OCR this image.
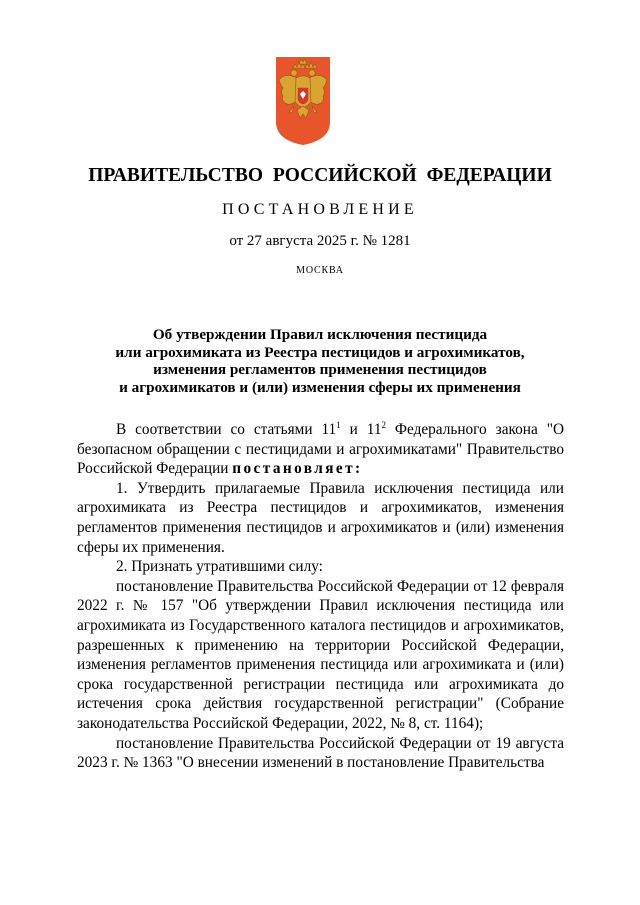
ПРАВИТЕЛЬСТВО РОССИЙСКОЙ ФЕДЕРАЦИИ
ПОСТАНОВЛЕНИЕ
от 27 августа 2025 г. № 1281
МОСКВА
Об утверждении Правил исключения пестицида
или агрохимиката из Реестра пестицидов и агрохимикатов,
изменения регламентов применения пестицидов
и агрохимикатов и (или) изменения сферы их применения

В соответствии со статьями $11^1$ и $11^2$ Федерального закона "О безопасном обращении с пестицидами и агрохимикатами" Правительство Российской Федерации постановляет:

1. Утвердить прилагаемые Правила исключения пестицида или агрохимиката из Реестра пестицидов и агрохимикатов, изменения регламентов применения пестицидов и агрохимикатов и (или) изменения сферы их применения.

2. Признать утратившими силу:

постановление Правительства Российской Федерации от 12 февраля 2022 г. № 157 "Об утверждении Правил исключения пестицида или агрохимиката из Государственного каталога пестицидов и агрохимикатов, разрешенных к применению на территории Российской Федерации, изменения регламентов применения пестицида или агрохимиката и (или) срока государственной регистрации пестицида или агрохимиката до истечения срока действия государственной регистрации" (Собрание законодательства Российской Федерации, 2022, № 8, ст. 1164);

постановление Правительства Российской Федерации от 19 августа 2023 г. № 1363 "О внесении изменений в постановление Правительства
